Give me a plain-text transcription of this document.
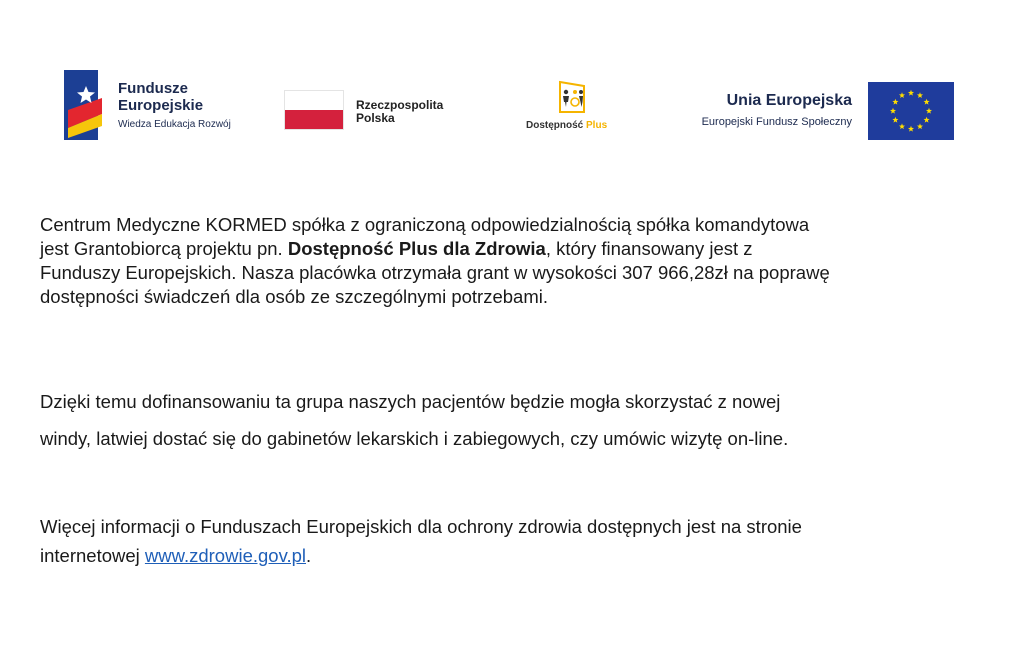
Fundusze
Europejskie
Wiedza Edukacja Rozwój
Rzeczpospolita
Polska
Dostępność Plus
Unia Europejska
Europejski Fundusz Społeczny
Centrum Medyczne KORMED spółka z ograniczoną odpowiedzialnością spółka komandytowa
jest Grantobiorcą projektu pn. Dostępność Plus dla Zdrowia, który finansowany jest z
Funduszy Europejskich. Nasza placówka otrzymała grant w wysokości 307 966,28zł na poprawę
dostępności świadczeń dla osób ze szczególnymi potrzebami.
Dzięki temu dofinansowaniu ta grupa naszych pacjentów będzie mogła skorzystać z nowej
windy, latwiej dostać się do gabinetów lekarskich i zabiegowych, czy umówic wizytę on-line.
Więcej informacji o Funduszach Europejskich dla ochrony zdrowia dostępnych jest na stronie
internetowej www.zdrowie.gov.pl.
